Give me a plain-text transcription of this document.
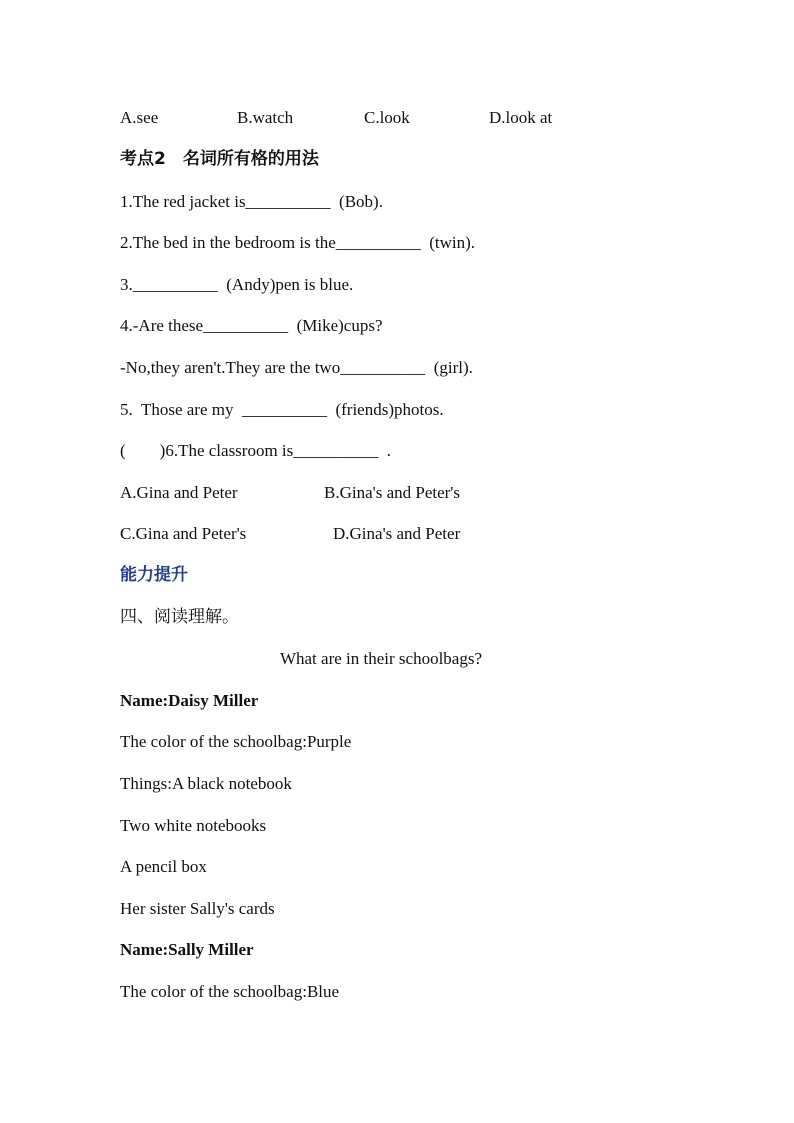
A.see	B.watch	C.look	D.look at
考点2　名词所有格的用法
1.The red jacket is__________  (Bob).
2.The bed in the bedroom is the__________  (twin).
3.__________  (Andy)pen is blue.
4.-Are these__________  (Mike)cups?
-No,they aren't.They are the two__________  (girl).
5.  Those are my  __________  (friends)photos.
(        )6.The classroom is__________  .
A.Gina and Peter	B.Gina's and Peter's
C.Gina and Peter's	D.Gina's and Peter
能力提升
四、阅读理解。
What are in their schoolbags?
Name:Daisy Miller
The color of the schoolbag:Purple
Things:A black notebook
Two white notebooks
A pencil box
Her sister Sally's cards
Name:Sally Miller
The color of the schoolbag:Blue
